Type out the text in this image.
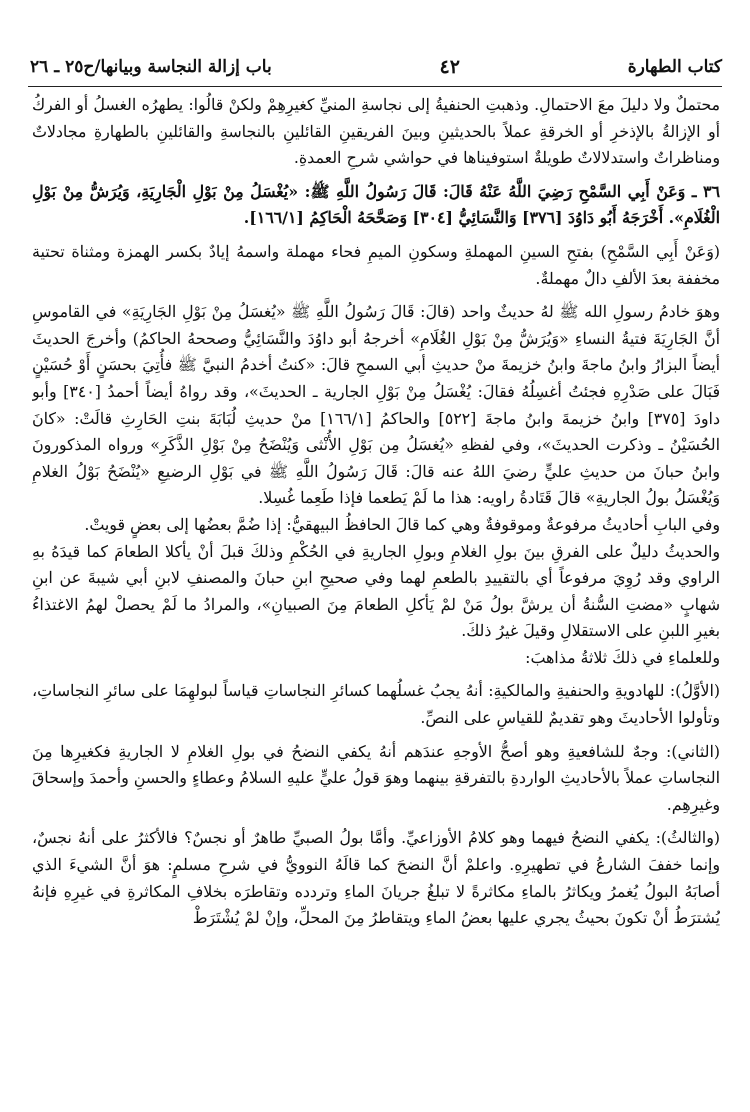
كتاب الطهارة
٤٢
باب إزالة النجاسة وبيانها/ح٢٥ ـ ٢٦

محتملٌ ولا دليلَ معَ الاحتمالِ. وذهبتِ الحنفيةُ إلى نجاسةِ المنيِّ كغيرِهِمْ ولكنْ قالُوا: يطهرُه الغسلُ أو الفركُ أو الإزالةُ بالإذخرِ أو الخرقةِ عملاً بالحديثينِ وبينَ الفريقينِ القائلينِ بالنجاسةِ والقائلينِ بالطهارةِ مجادلاتٌ ومناظراتٌ واستدلالاتٌ طويلةٌ استوفيناها في حواشي شرحِ العمدةِ.

٣٦ ـ وَعَنْ أَبِي السَّمْحِ رَضِيَ اللَّهُ عَنْهُ قَالَ: قَالَ رَسُولُ اللَّهِ ﷺ: «يُغْسَلُ مِنْ بَوْلِ الْجَارِيَةِ، وَيُرَشُّ مِنْ بَوْلِ الْغُلَامِ». أَخْرَجَهُ أَبُو دَاوُدَ [٣٧٦] وَالنَّسَائِيُّ [٣٠٤] وَصَحَّحَهُ الْحَاكِمُ [١٦٦/١].

(وَعَنْ أَبِي السَّمْحِ) بفتحِ السينِ المهملةِ وسكونِ الميمِ فحاء مهملة واسمهُ إيادٌ بكسر الهمزة ومثناة تحتية مخففة بعدَ الألفِ دالٌ مهملةٌ.

وهوَ خادمُ رسولِ الله ﷺ لهُ حديثٌ واحد (قالَ: قَالَ رَسُولُ اللَّهِ ﷺ «يُغسَلُ مِنْ بَوْلِ الجَارِيَةِ» في القاموسِ أنَّ الجَارِيَةَ فتيةُ النساءِ «وَيُرَشُّ مِنْ بَوْلِ الغُلَامِ» أخرجهُ أبو داوُدَ والنَّسَائِيُّ وصححهُ الحاكمُ) وأخرجَ الحديثَ أيضاً البزارُ وابنُ ماجةَ وابنُ خزيمةَ منْ حديثِ أبي السمحِ قالَ: «كنتُ أخدمُ النبيَّ ﷺ فأُتِيَ بحسَنٍ أَوْ حُسَيْنٍ فَبَالَ على صَدْرِهِ فجئتُ أغسِلُهُ فقالَ: يُغْسَلُ مِنْ بَوْلِ الجارية ـ الحديثَ»، وقد رواهُ أيضاً أحمدُ [٣٤٠] وأبو داودَ [٣٧٥] وابنُ خزيمةَ وابنُ ماجةَ [٥٢٢] والحاكمُ [١٦٦/١] منْ حديثِ لُبَابَةَ بنتِ الحَارِثِ قالَتْ: «كانَ الحُسَيْنُ ـ وذكرت الحديثَ»، وفي لفظهِ «يُغسَلُ مِن بَوْلِ الأُنْثى وَيُنْضَحُ مِنْ بَوْلِ الذَّكَرِ» ورواه المذكورونَ وابنُ حبانَ من حديثِ عليٍّ رضيَ اللهُ عنه قالَ: قَالَ رَسُولُ اللَّهِ ﷺ في بَوْلِ الرضيعِ «يُنْضَحُ بَوْلُ الغلامِ وَيُغْسَلُ بولُ الجاريةِ» قالَ قَتَادةُ راويه: هذا ما لَمْ يَطعما فإذا طَعِما غُسِلا.

وفي البابِ أحاديثُ مرفوعةٌ وموقوفةٌ وهي كما قالَ الحافظُ البيهقيُّ: إذا ضُمَّ بعضُها إلى بعضٍ قويتْ.

والحديثُ دليلٌ على الفرقِ بينَ بولِ الغلامِ وبولِ الجاريةِ في الحُكْمِ وذلكَ قبلَ أنْ يأكلا الطعامَ كما قيدَهُ بهِ الراوي وقد رُوِيَ مرفوعاً أي بالتقييدِ بالطعمِ لهما وفي صحيحِ ابنِ حبانَ والمصنفِ لابنِ أبي شيبةَ عن ابنِ شهابٍ «مضتِ السُّنةُ أن يرشَّ بولُ مَنْ لمْ يَأكلِ الطعامَ مِنَ الصبيانِ»، والمرادُ ما لَمْ يحصلْ لهمُ الاغتذاءُ بغيرِ اللبنِ على الاستقلالِ وقيلَ غيرُ ذلكَ.

وللعلماءِ في ذلكَ ثلاثةُ مذاهبَ:

(الأوَّلُ): للهادويةِ والحنفيةِ والمالكيةِ: أنهُ يجبُ غسلُهما كسائرِ النجاساتِ قياساً لبولهِمَا على سائرِ النجاساتِ، وتأولوا الأحاديثَ وهو تقديمٌ للقياسِ على النصِّ.

(الثاني): وجهٌ للشافعيةِ وهو أصحُّ الأوجهِ عندَهم أنهُ يكفي النضحُ في بولِ الغلامِ لا الجاريةِ فكغيرِها مِنَ النجاساتِ عملاً بالأحاديثِ الواردةِ بالتفرقةِ بينهما وهوَ قولُ عليٍّ عليهِ السلامُ وعطاءٍ والحسنِ وأحمدَ وإسحاقَ وغيرِهِم.

(والثالثُ): يكفي النضحُ فيهما وهو كلامُ الأوزاعيِّ. وأمَّا بولُ الصبيِّ طاهرٌ أو نجسٌ؟ فالأكثرُ على أنهُ نجسٌ، وإنما خففَ الشارعُ في تطهيرِهِ. واعلمْ أنَّ النضحَ كما قالَهُ النوويُّ في شرحِ مسلمٍ: هوَ أنَّ الشيءَ الذي أصابَهُ البولُ يُغمرُ ويكاثرُ بالماءِ مكاثرةً لا تبلغُ جريانَ الماءِ وتردده وتقاطرَه بخلافِ المكاثرةِ في غيرِهِ فإنهُ يُشترَطُ أنْ تكونَ بحيثُ يجري عليها بعضُ الماءِ ويتقاطرُ مِنَ المحلِّ، وإنْ لمْ يُشْتَرَطْ
